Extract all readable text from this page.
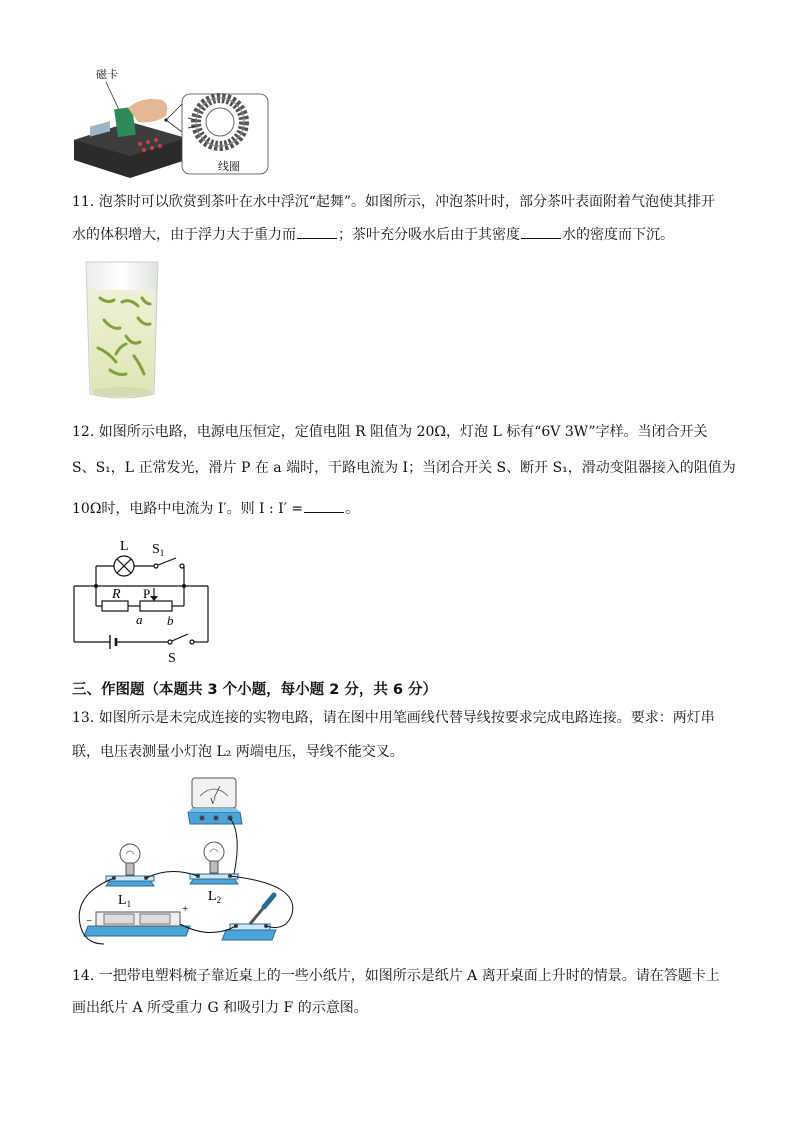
磁卡
线圈
11. 泡茶时可以欣赏到茶叶在水中浮沉“起舞”。如图所示，冲泡茶叶时，部分茶叶表面附着气泡使其排开
水的体积增大，由于浮力大于重力而	；茶叶充分吸水后由于其密度	水的密度而下沉。
12. 如图所示电路，电源电压恒定，定值电阻 R 阻值为 20Ω，灯泡 L 标有“6V 3W”字样。当闭合开关
S、S₁，L 正常发光，滑片 P 在 a 端时，干路电流为 I；当闭合开关 S、断开 S₁，滑动变阻器接入的阻值为
10Ω时，电路中电流为 I′。则 I : I′ =	。
L $S_1$
R P
a b
S
三、作图题（本题共 3 个小题，每小题 2 分，共 6 分）
13. 如图所示是未完成连接的实物电路，请在图中用笔画线代替导线按要求完成电路连接。要求：两灯串
联，电压表测量小灯泡 L₂ 两端电压，导线不能交叉。
V
−
+
$L_1$	$L_2$
14. 一把带电塑料梳子靠近桌上的一些小纸片，如图所示是纸片 A 离开桌面上升时的情景。请在答题卡上
画出纸片 A 所受重力 G 和吸引力 F 的示意图。
